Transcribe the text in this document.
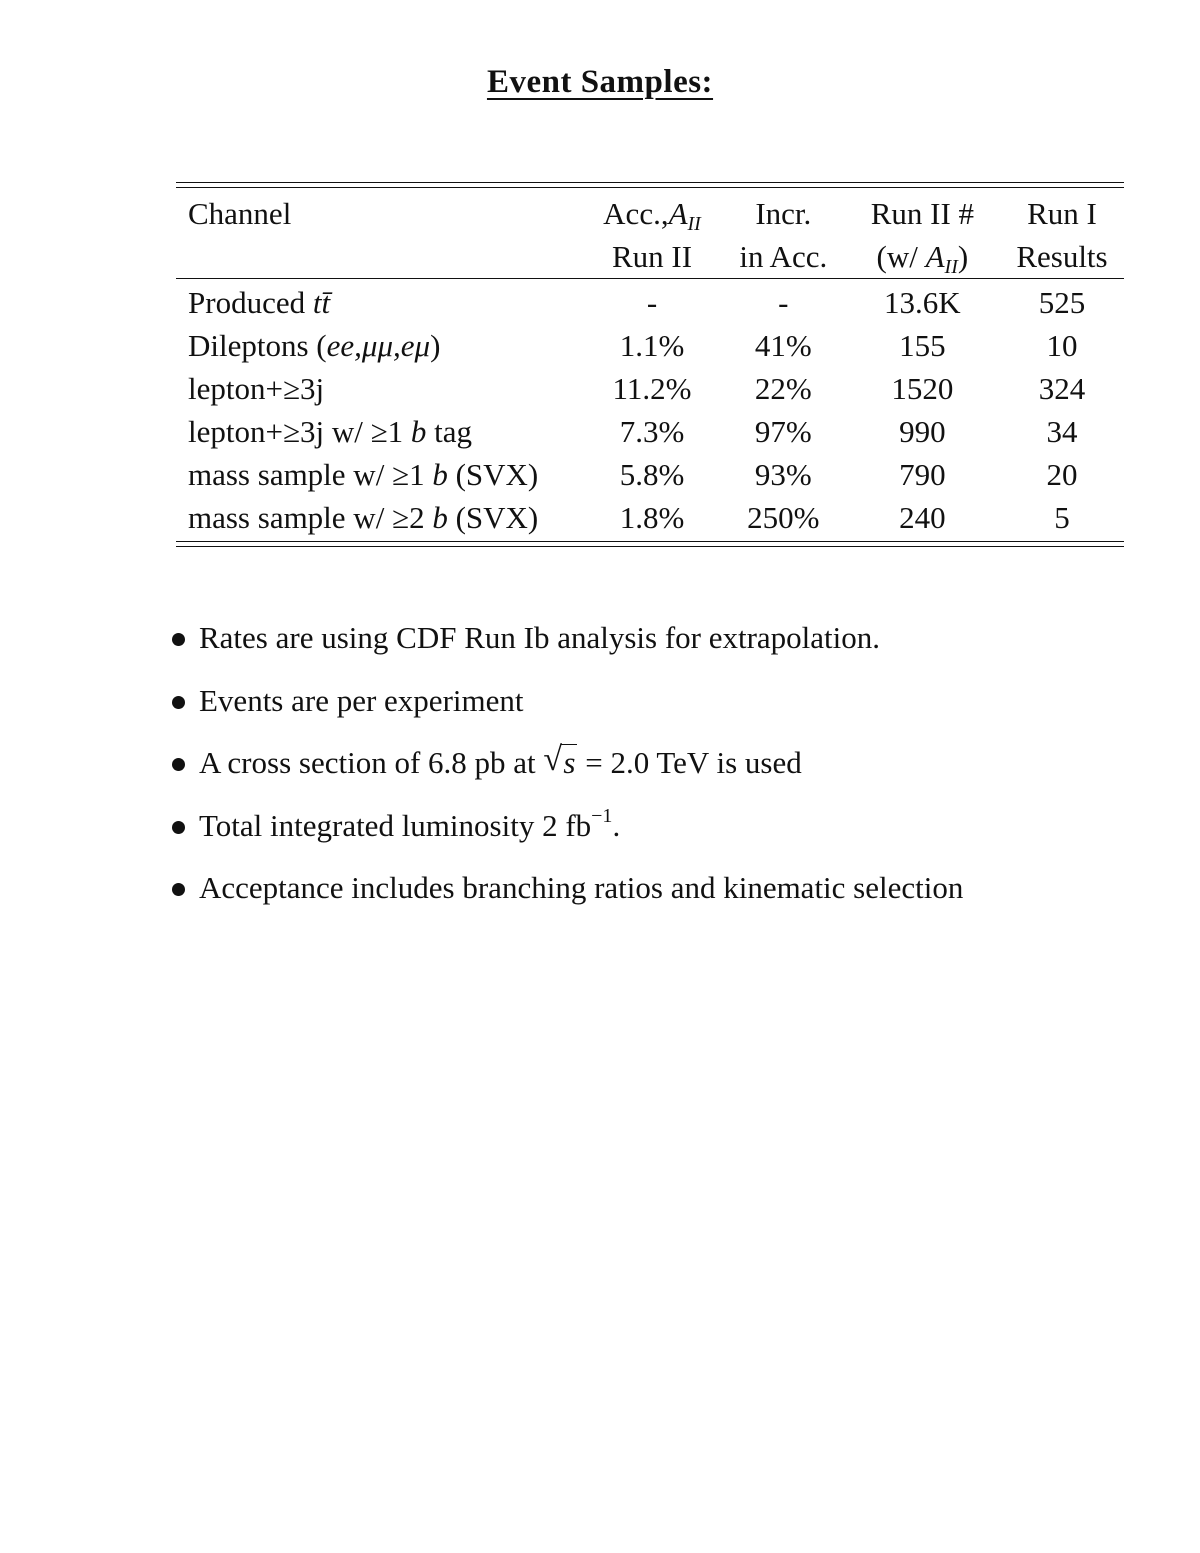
Event Samples:
Channel	$Acc.,A_{II}$	Incr.	Run II #	Run I
	Run II	in Acc.	(w/ $A_{II}$)	Results
Produced tt̄	-	-	13.6K	525
Dileptons (ee,μμ,eμ)	1.1%	41%	155	10
lepton+≥3j	11.2%	22%	1520	324
lepton+≥3j w/ ≥1 b tag	7.3%	97%	990	34
mass sample w/ ≥1 b (SVX)	5.8%	93%	790	20
mass sample w/ ≥2 b (SVX)	1.8%	250%	240	5
Rates are using CDF Run Ib analysis for extrapolation.
Events are per experiment
A cross section of 6.8 pb at √ s = 2.0 TeV is used
Total integrated luminosity 2 $fb^{-1}$.
Acceptance includes branching ratios and kinematic selection
